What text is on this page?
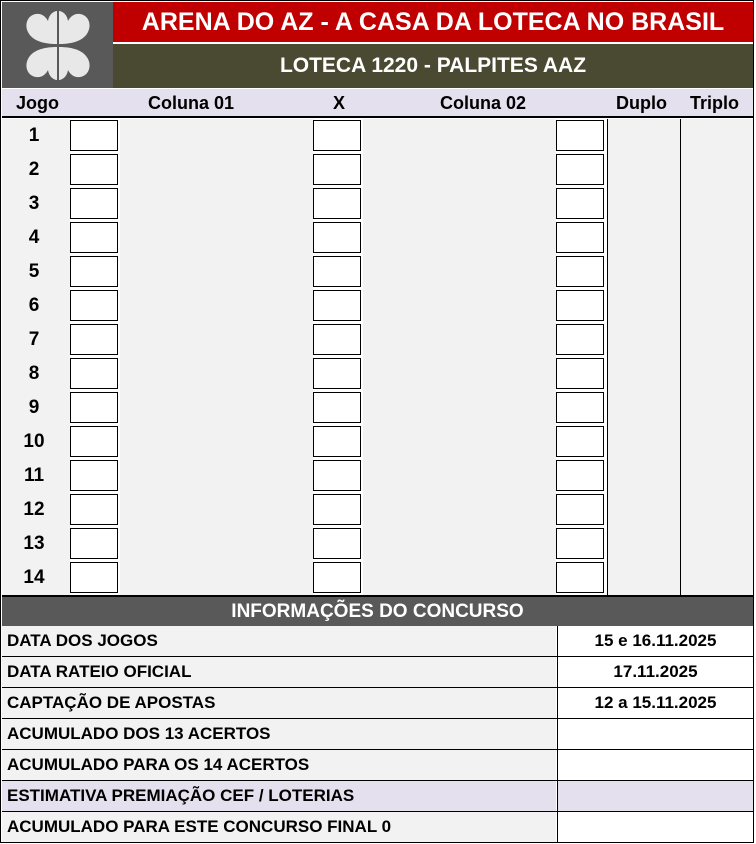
ARENA DO AZ - A CASA DA LOTECA NO BRASIL
LOTECA 1220 - PALPITES AAZ
Jogo	Coluna 01	X	Coluna 02	Duplo Triplo
1
2
3
4
5
6
7
8
9
10
11
12
13
14
INFORMAÇÕES DO CONCURSO
DATA DOS JOGOS	15 e 16.11.2025
DATA RATEIO OFICIAL	17.11.2025
CAPTAÇÃO DE APOSTAS	12 a 15.11.2025
ACUMULADO DOS 13 ACERTOS
ACUMULADO PARA OS 14 ACERTOS
ESTIMATIVA PREMIAÇÃO CEF / LOTERIAS
ACUMULADO PARA ESTE CONCURSO FINAL 0
